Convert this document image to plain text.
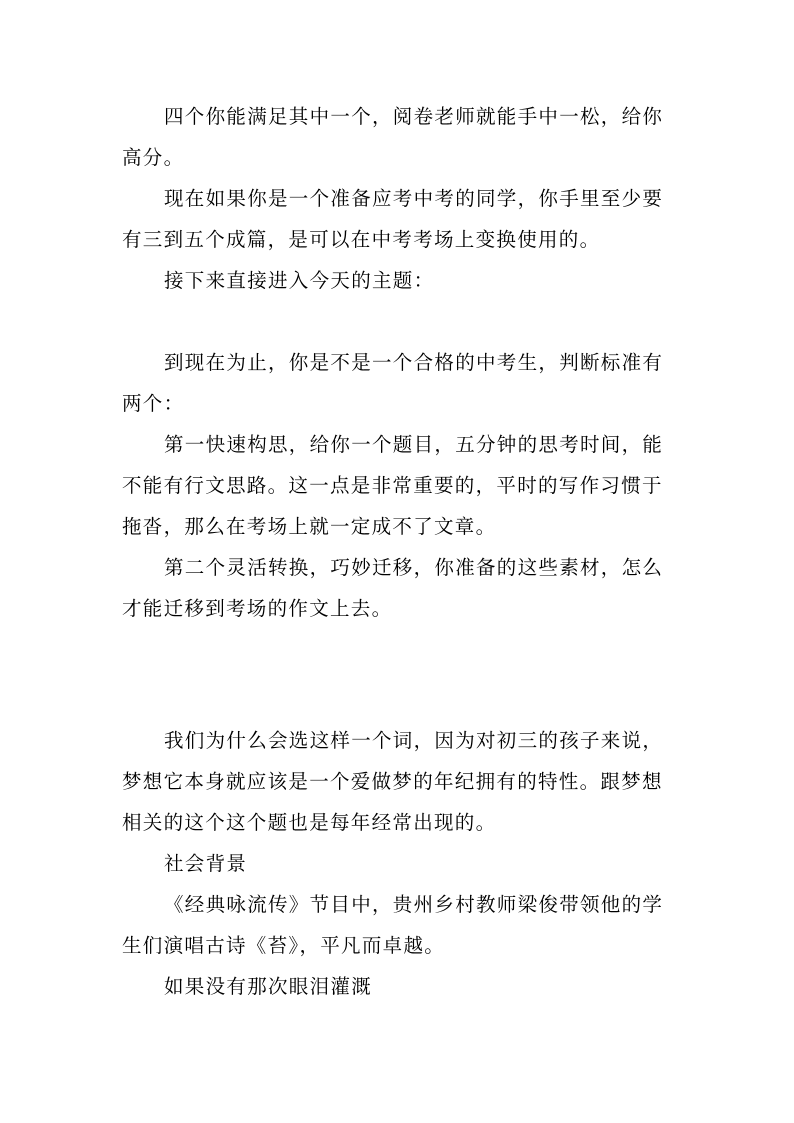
四个你能满足其中一个，阅卷老师就能手中一松，给你高分。

现在如果你是一个准备应考中考的同学，你手里至少要有三到五个成篇，是可以在中考考场上变换使用的。

接下来直接进入今天的主题：

到现在为止，你是不是一个合格的中考生，判断标准有两个：

第一快速构思，给你一个题目，五分钟的思考时间，能不能有行文思路。这一点是非常重要的，平时的写作习惯于拖沓，那么在考场上就一定成不了文章。

第二个灵活转换，巧妙迁移，你准备的这些素材，怎么才能迁移到考场的作文上去。

我们为什么会选这样一个词，因为对初三的孩子来说，梦想它本身就应该是一个爱做梦的年纪拥有的特性。跟梦想相关的这个这个题也是每年经常出现的。

社会背景

《经典咏流传》节目中，贵州乡村教师梁俊带领他的学生们演唱古诗《苔》，平凡而卓越。

如果没有那次眼泪灌溉
